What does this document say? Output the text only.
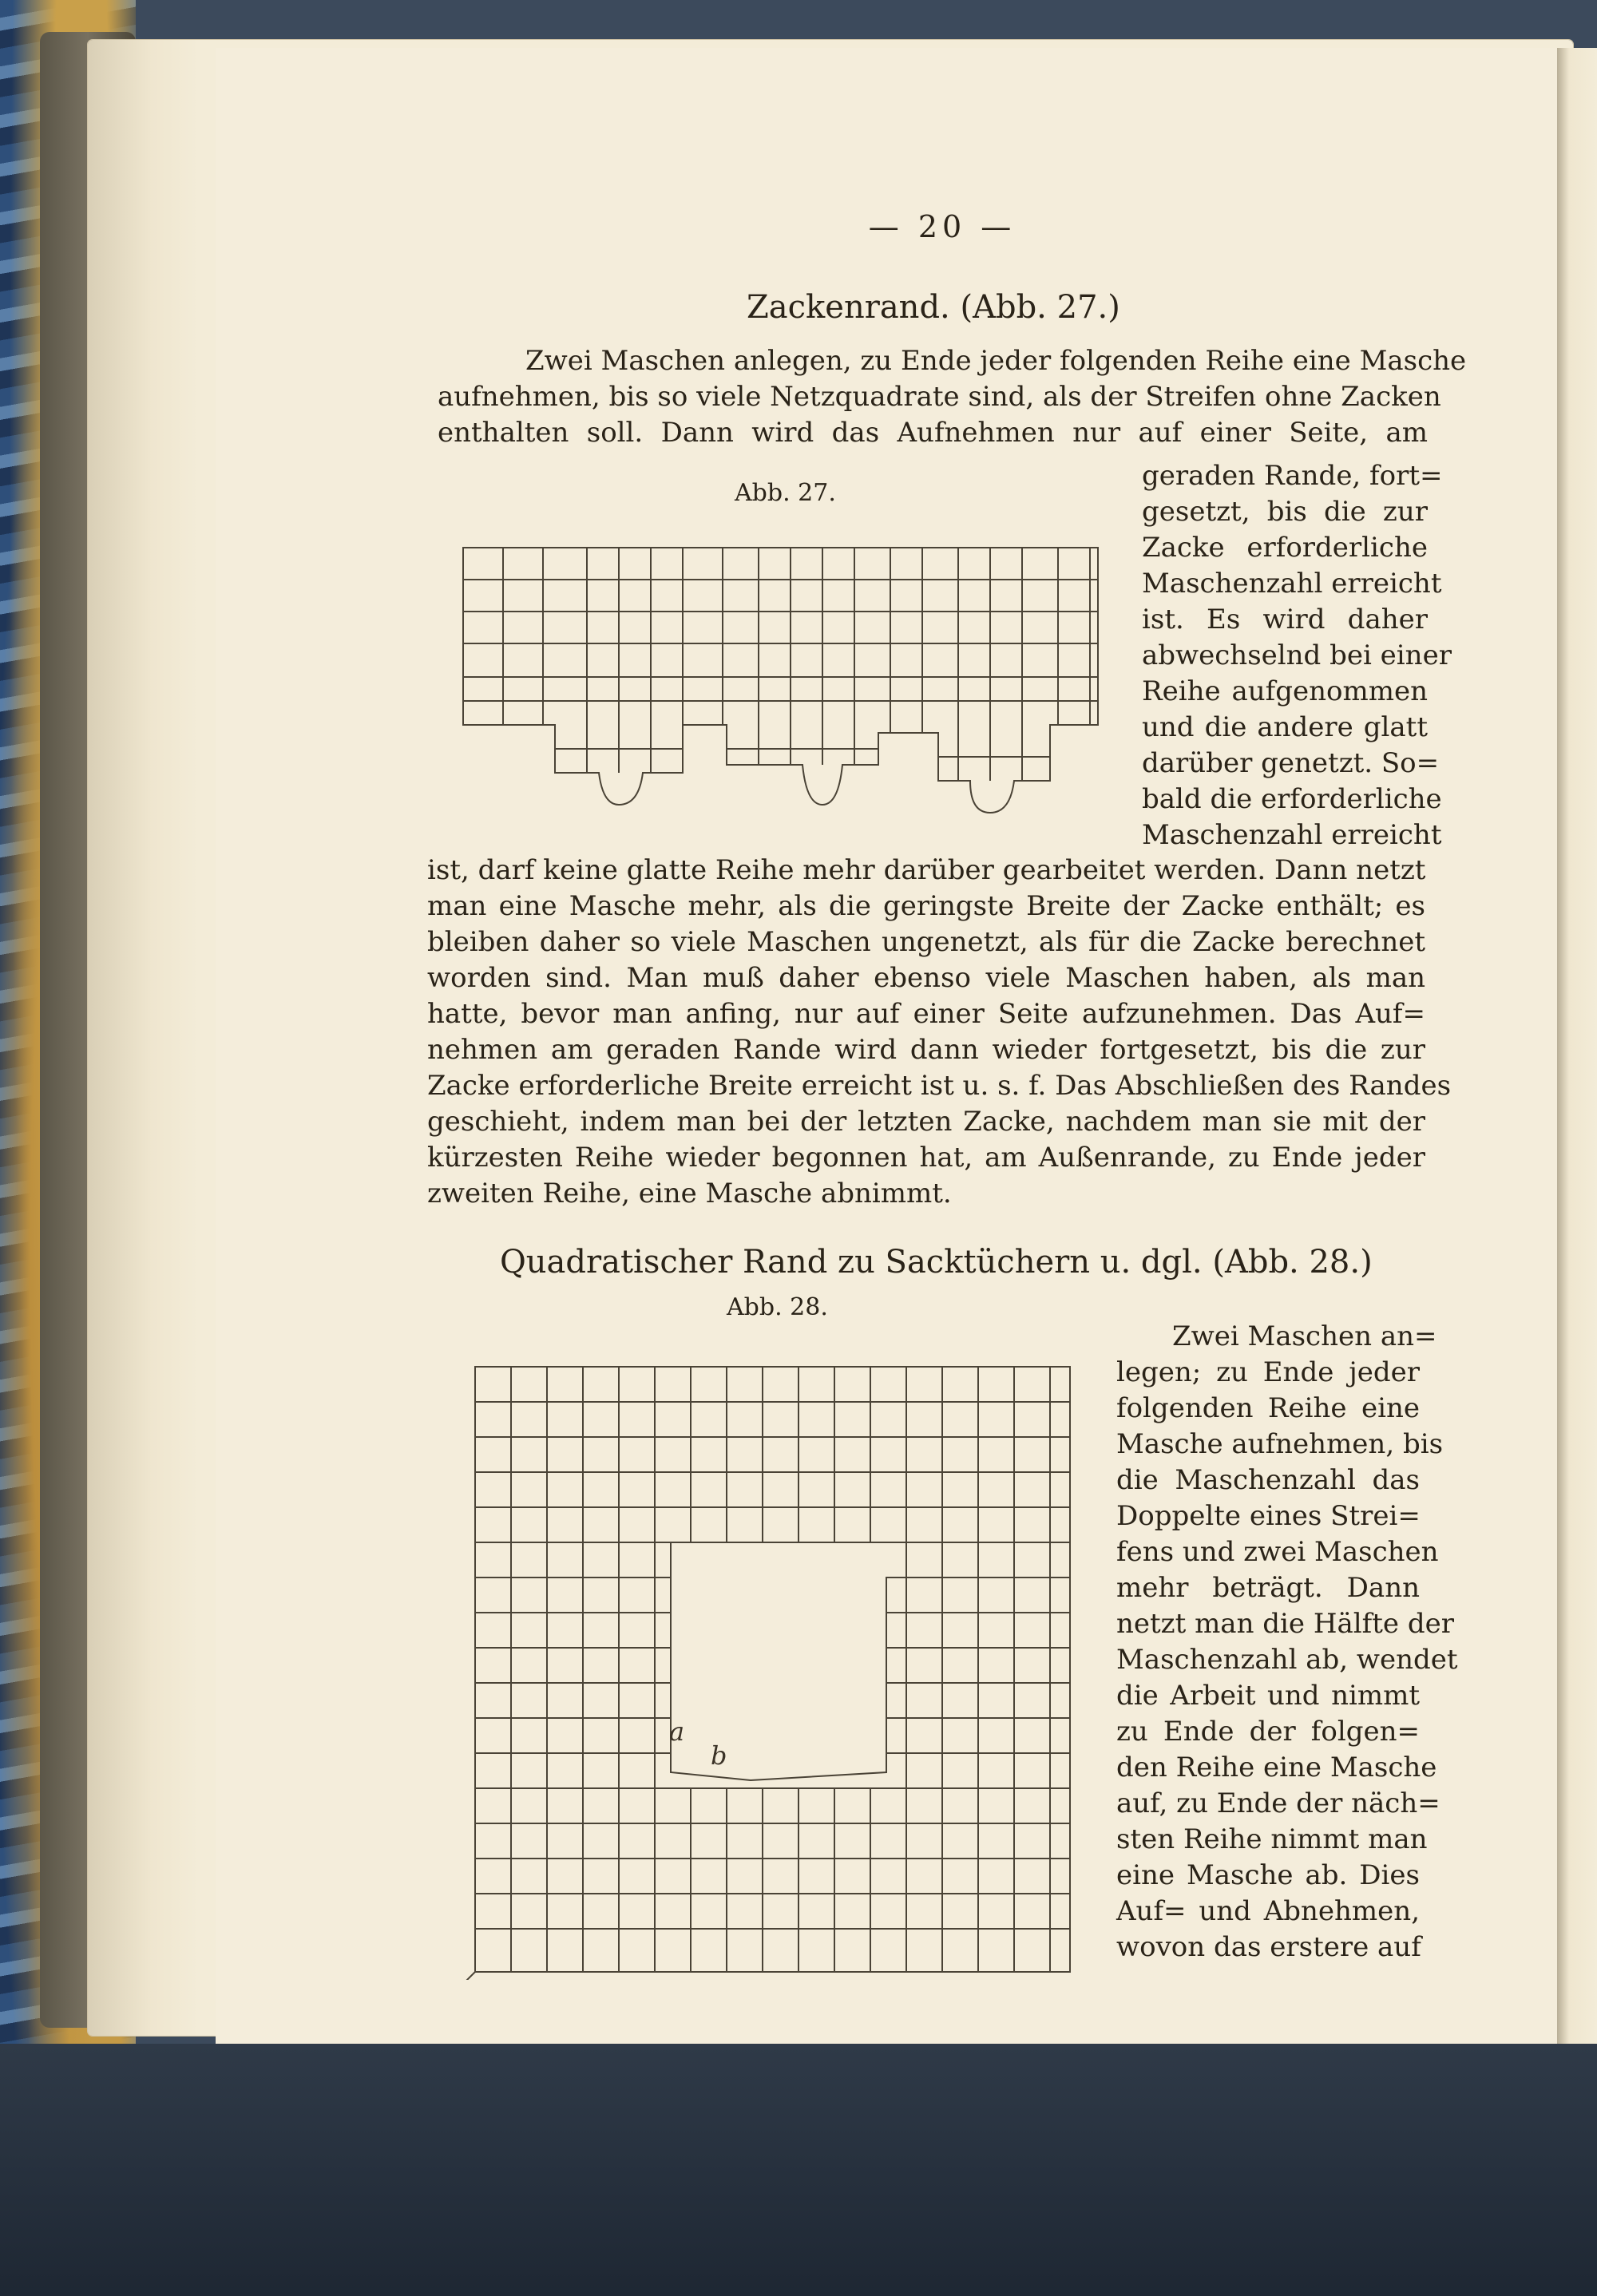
— 20 —
Zackenrand. (Abb. 27.)
Zwei Maschen anlegen, zu Ende jeder folgenden Reihe eine Masche
aufnehmen, bis so viele Netzquadrate sind, als der Streifen ohne Zacken
enthalten soll. Dann wird das Aufnehmen nur auf einer Seite, am
Abb. 27.
geraden Rande, fort=
gesetzt, bis die zur
Zacke erforderliche
Maschenzahl erreicht
ist. Es wird daher
abwechselnd bei einer
Reihe aufgenommen
und die andere glatt
darüber genetzt. So=
bald die erforderliche
Maschenzahl erreicht
ist, darf keine glatte Reihe mehr darüber gearbeitet werden. Dann netzt
man eine Masche mehr, als die geringste Breite der Zacke enthält; es
bleiben daher so viele Maschen ungenetzt, als für die Zacke berechnet
worden sind. Man muß daher ebenso viele Maschen haben, als man
hatte, bevor man anfing, nur auf einer Seite aufzunehmen. Das Auf=
nehmen am geraden Rande wird dann wieder fortgesetzt, bis die zur
Zacke erforderliche Breite erreicht ist u. s. f. Das Abschließen des Randes
geschieht, indem man bei der letzten Zacke, nachdem man sie mit der
kürzesten Reihe wieder begonnen hat, am Außenrande, zu Ende jeder
zweiten Reihe, eine Masche abnimmt.
Quadratischer Rand zu Sacktüchern u. dgl. (Abb. 28.)
Abb. 28.
a
b
Zwei Maschen an=
legen; zu Ende jeder
folgenden Reihe eine
Masche aufnehmen, bis
die Maschenzahl das
Doppelte eines Strei=
fens und zwei Maschen
mehr beträgt. Dann
netzt man die Hälfte der
Maschenzahl ab, wendet
die Arbeit und nimmt
zu Ende der folgen=
den Reihe eine Masche
auf, zu Ende der näch=
sten Reihe nimmt man
eine Masche ab. Dies
Auf= und Abnehmen,
wovon das erstere auf
